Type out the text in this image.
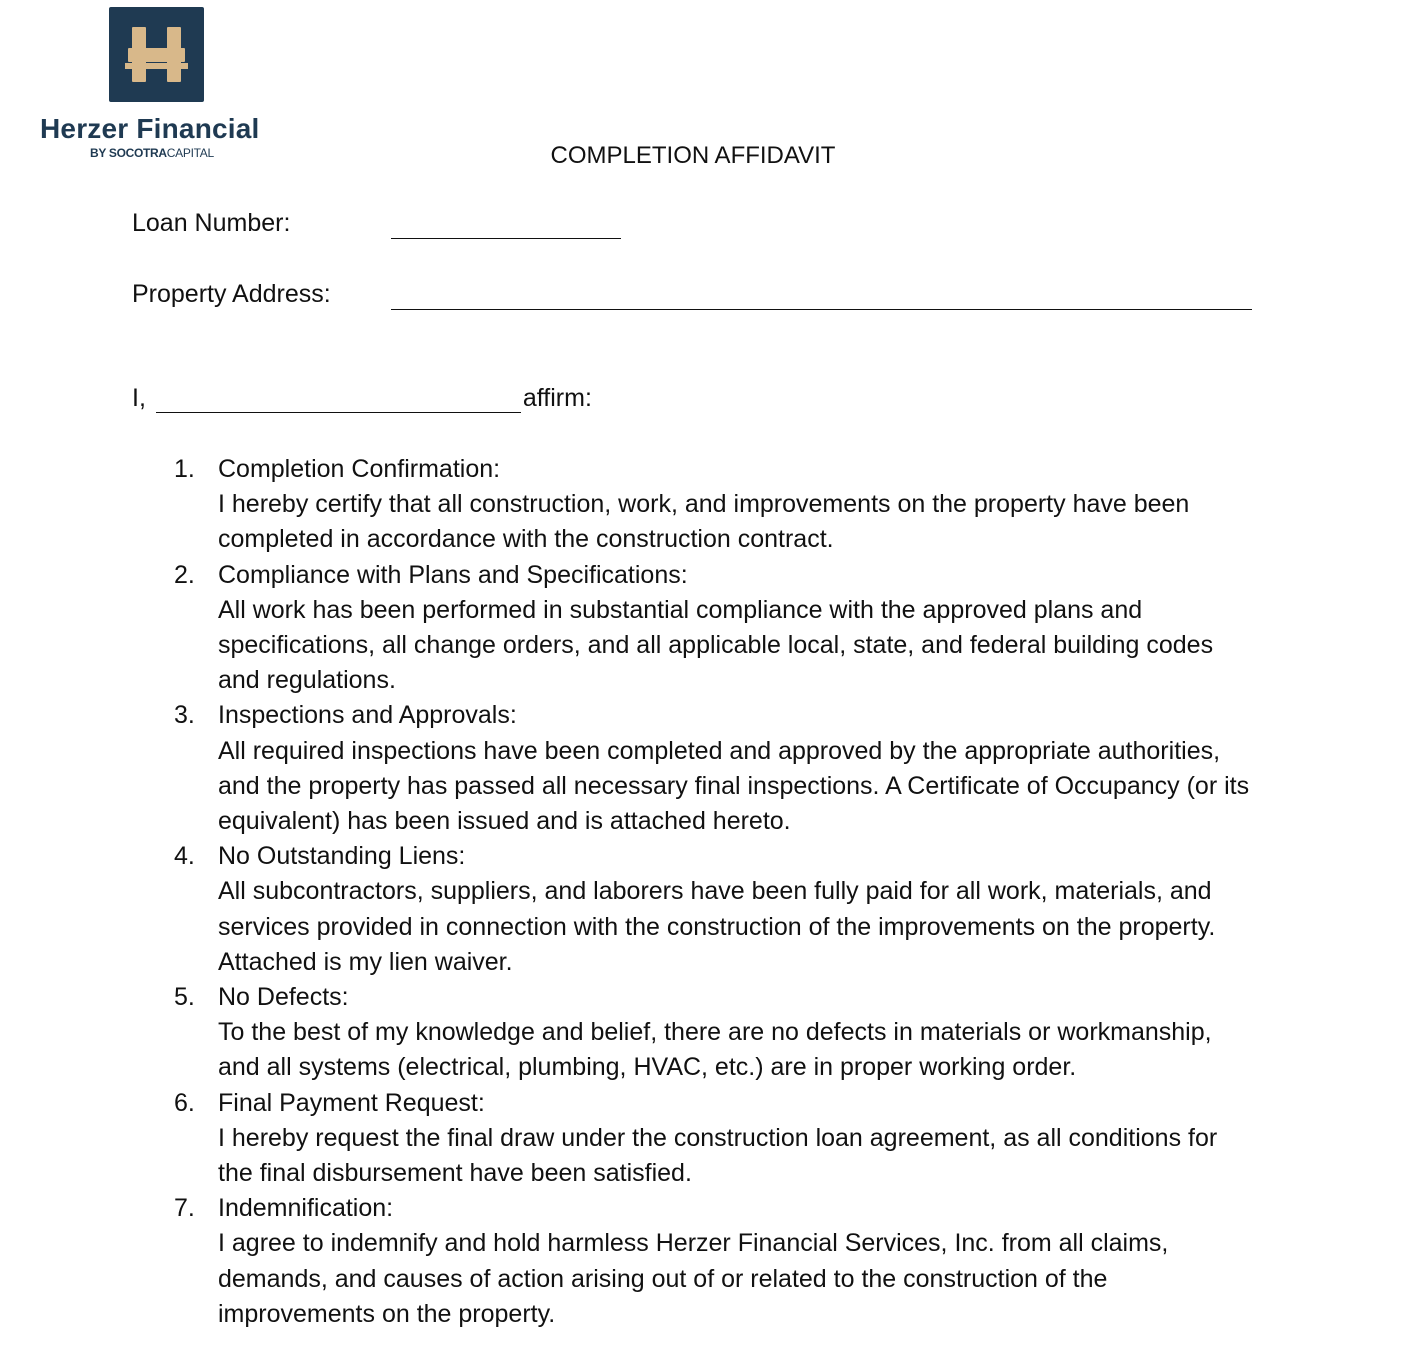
Herzer Financial
BY SOCOTRACAPITAL	COMPLETION AFFIDAVIT
Loan Number:
Property Address:
I,	affirm:
1. Completion Confirmation:
I hereby certify that all construction, work, and improvements on the property have been completed in accordance with the construction contract.
2. Compliance with Plans and Specifications:
All work has been performed in substantial compliance with the approved plans and specifications, all change orders, and all applicable local, state, and federal building codes and regulations.
3. Inspections and Approvals:
All required inspections have been completed and approved by the appropriate authorities, and the property has passed all necessary final inspections. A Certificate of Occupancy (or its equivalent) has been issued and is attached hereto.
4. No Outstanding Liens:
All subcontractors, suppliers, and laborers have been fully paid for all work, materials, and services provided in connection with the construction of the improvements on the property. Attached is my lien waiver.
5. No Defects:
To the best of my knowledge and belief, there are no defects in materials or workmanship, and all systems (electrical, plumbing, HVAC, etc.) are in proper working order.
6. Final Payment Request:
I hereby request the final draw under the construction loan agreement, as all conditions for the final disbursement have been satisfied.
7. Indemnification:
I agree to indemnify and hold harmless Herzer Financial Services, Inc. from all claims, demands, and causes of action arising out of or related to the construction of the improvements on the property.
